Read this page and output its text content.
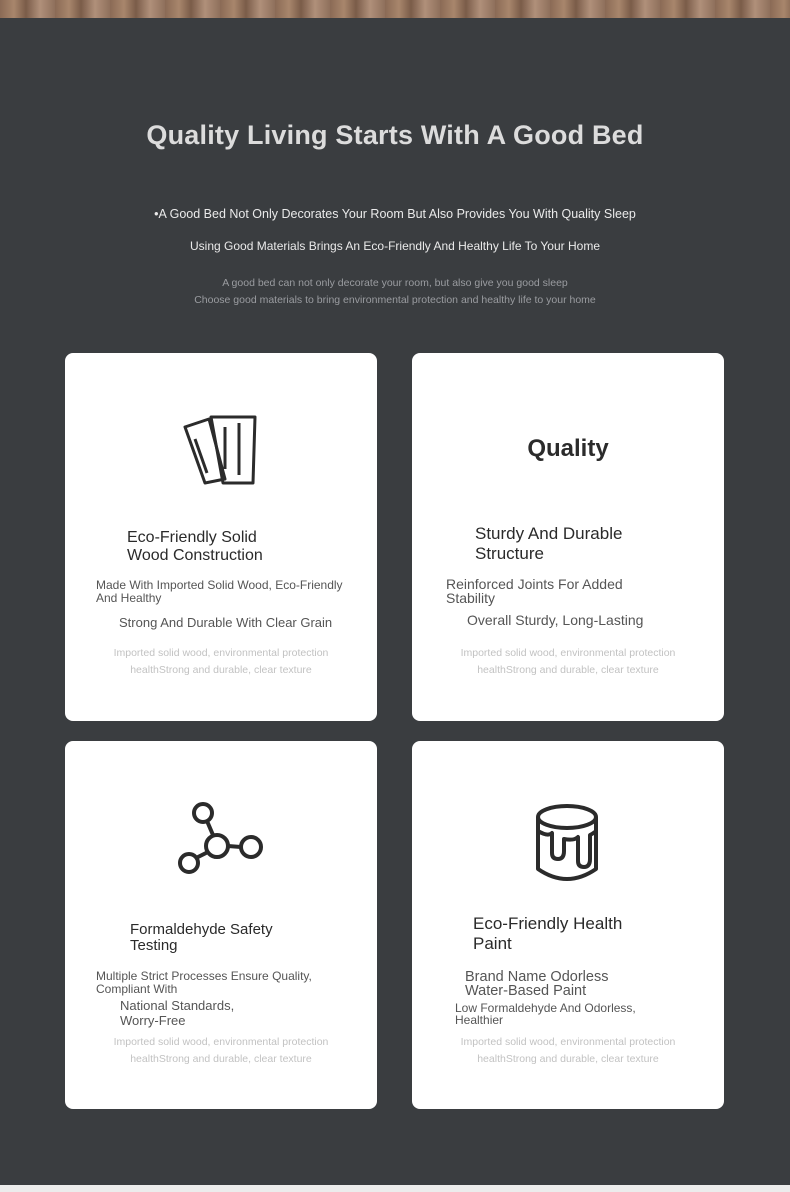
Quality Living Starts With A Good Bed
•A Good Bed Not Only Decorates Your Room But Also Provides You With Quality Sleep
Using Good Materials Brings An Eco-Friendly And Healthy Life To Your Home
A good bed can not only decorate your room, but also give you good sleep
Choose good materials to bring environmental protection and healthy life to your home
Eco-Friendly Solid
Wood Construction
Made With Imported Solid Wood, Eco-Friendly
And Healthy
Strong And Durable With Clear Grain
Imported solid wood, environmental protection
healthStrong and durable, clear texture
Quality
Sturdy And Durable
Structure
Reinforced Joints For Added
Stability
Overall Sturdy, Long-Lasting
Imported solid wood, environmental protection
healthStrong and durable, clear texture
Formaldehyde Safety
Testing
Multiple Strict Processes Ensure Quality,
Compliant With
National Standards,
Worry-Free
Imported solid wood, environmental protection
healthStrong and durable, clear texture
Eco-Friendly Health
Paint
Brand Name Odorless
Water-Based Paint
Low Formaldehyde And Odorless,
Healthier
Imported solid wood, environmental protection
healthStrong and durable, clear texture
